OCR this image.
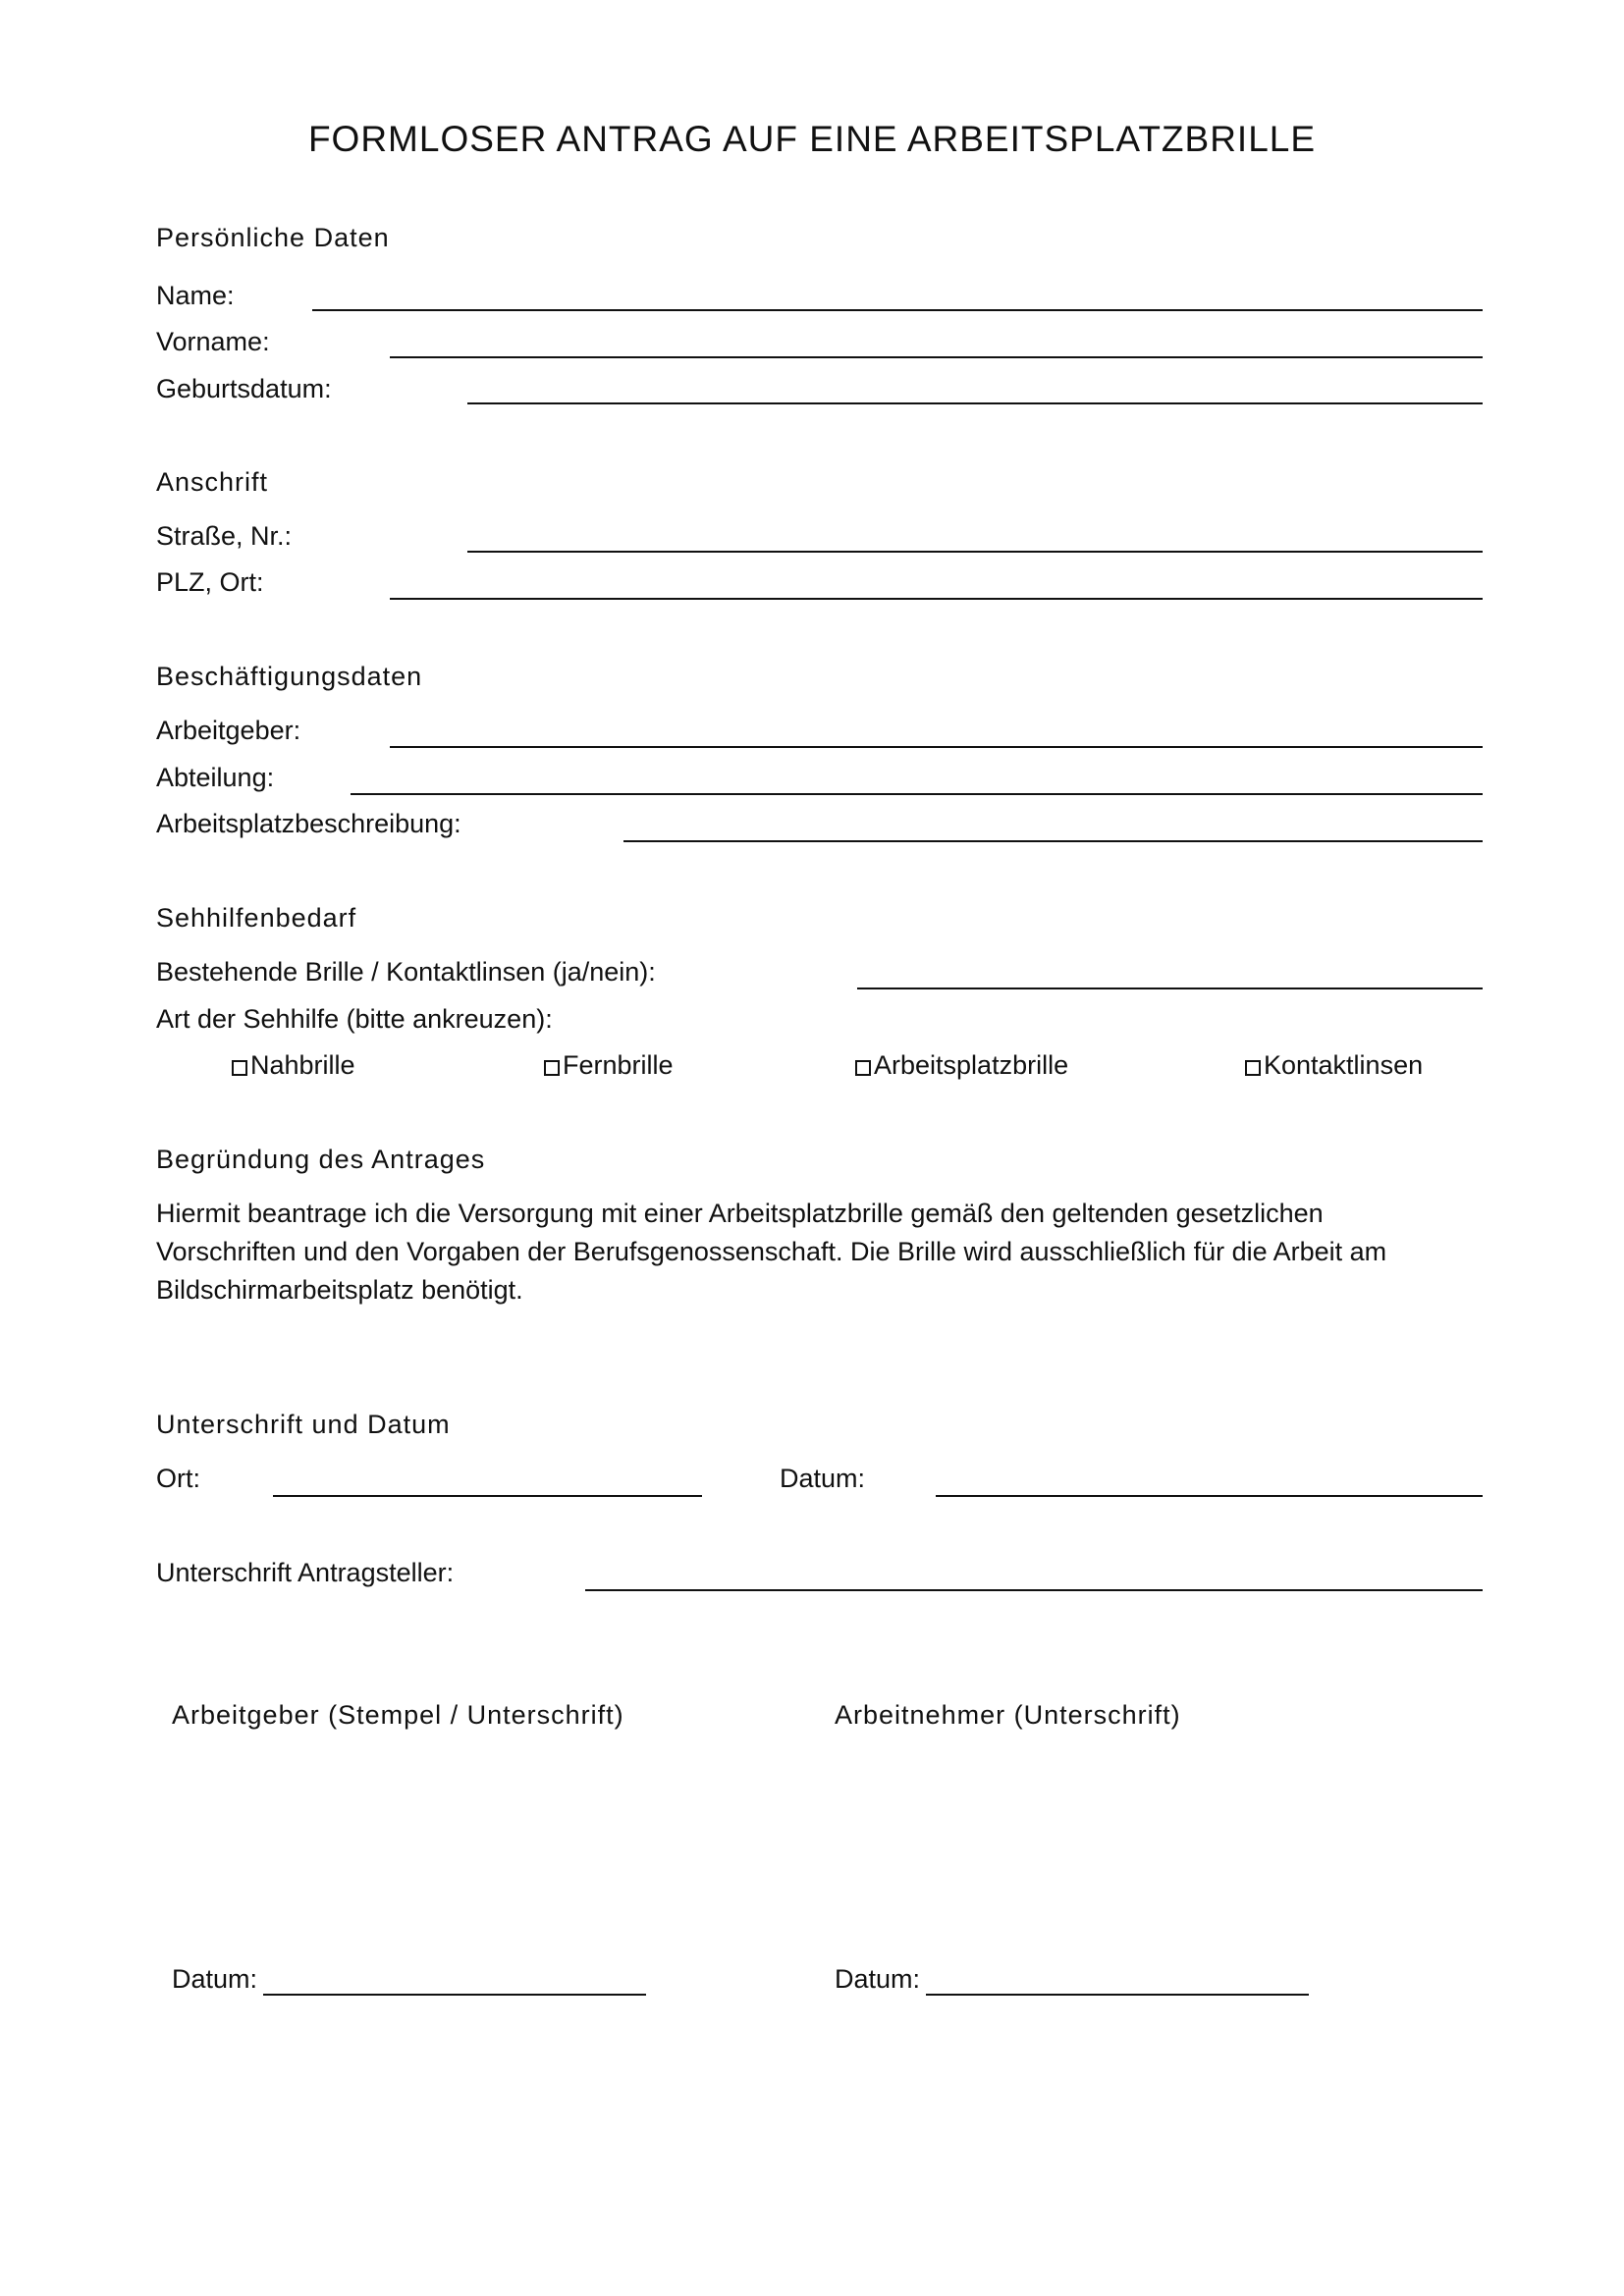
FORMLOSER ANTRAG AUF EINE ARBEITSPLATZBRILLE
Persönliche Daten
Name:
Vorname:
Geburtsdatum:
Anschrift
Straße, Nr.:
PLZ, Ort:
Beschäftigungsdaten
Arbeitgeber:
Abteilung:
Arbeitsplatzbeschreibung:
Sehhilfenbedarf
Bestehende Brille / Kontaktlinsen (ja/nein):
Art der Sehhilfe (bitte ankreuzen):
Nahbrille	Fernbrille	Arbeitsplatzbrille	Kontaktlinsen
Begründung des Antrages

Hiermit beantrage ich die Versorgung mit einer Arbeitsplatzbrille gemäß den geltenden gesetzlichen

Vorschriften und den Vorgaben der Berufsgenossenschaft. Die Brille wird ausschließlich für die Arbeit am

Bildschirmarbeitsplatz benötigt.

Unterschrift und Datum
Ort:	Datum:
Unterschrift Antragsteller:
Arbeitgeber (Stempel / Unterschrift)	Arbeitnehmer (Unterschrift)
Datum:	Datum:
